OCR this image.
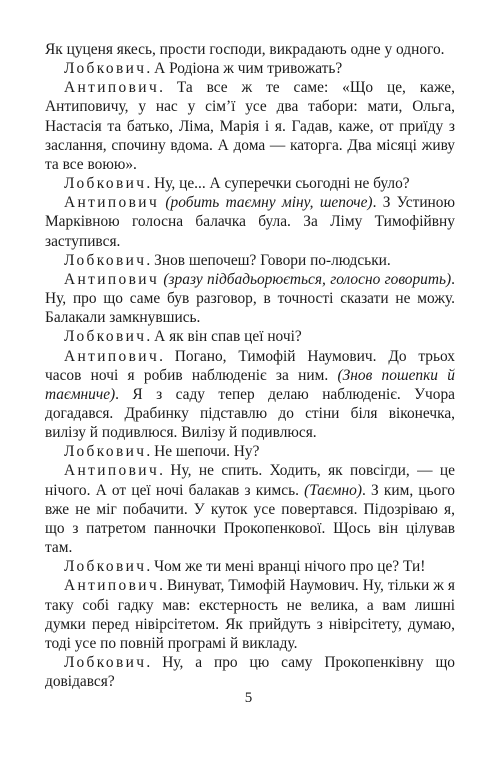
Як цуценя якесь, прости господи, викрадають одне у одного.

Лобкович. А Родіона ж чим тривожать?

Антипович. Та все ж те саме: «Що це, каже, Антиповичу, у нас у сім’ї усе два табори: мати, Ольга, Настасія та батько, Ліма, Марія і я. Гадав, каже, от приїду з заслання, спочину вдома. А дома — каторга. Два місяці живу та все воюю».

Лобкович. Ну, це... А суперечки сьогодні не було?

Антипович (робить таємну міну, шепоче). З Устиною Марківною голосна балачка була. За Ліму Тимофійвну заступився.

Лобкович. Знов шепочеш? Говори по-людськи.

Антипович (зразу підбадьорюється, голосно говорить). Ну, про що саме був разговор, в точності сказати не можу. Балакали замкнувшись.

Лобкович. А як він спав цеї ночі?

Антипович. Погано, Тимофій Наумович. До трьох часов ночі я робив наблюденіє за ним. (Знов пошепки й таємниче). Я з саду тепер делаю наблюденіє. Учора догадався. Драбинку підставлю до стіни біля віконечка, вилізу й подивлюся. Вилізу й подивлюся.

Лобкович. Не шепочи. Ну?

Антипович. Ну, не спить. Ходить, як повсігди, — це нічого. А от цеї ночі балакав з кимсь. (Таємно). З ким, цього вже не міг побачити. У куток усе повертався. Підозріваю я, що з патретом панночки Прокопенкової. Щось він цілував там.

Лобкович. Чом же ти мені вранці нічого про це? Ти!

Антипович. Винуват, Тимофій Наумович. Ну, тільки ж я таку собі гадку мав: екстерность не велика, а вам лишні думки перед нівірсітетом. Як прийдуть з нівірсітету, думаю, тоді усе по повній програмі й викладу.

Лобкович. Ну, а про цю саму Прокопенківну що довідався?

5
